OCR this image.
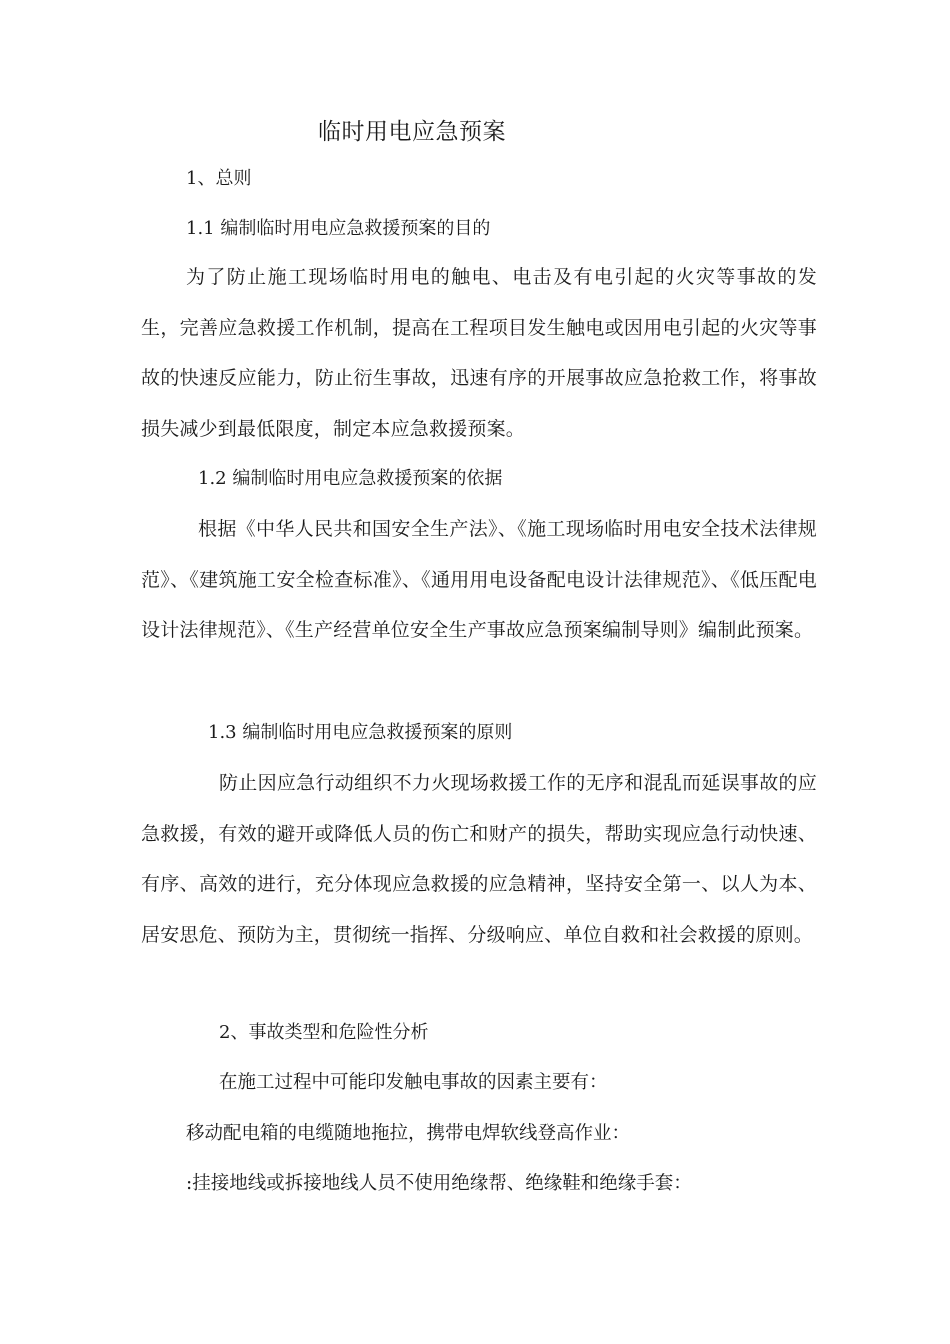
临时用电应急预案
1、总则
1.1 编制临时用电应急救援预案的目的

为了防止施工现场临时用电的触电、电击及有电引起的火灾等事故的发生，完善应急救援工作机制，提高在工程项目发生触电或因用电引起的火灾等事故的快速反应能力，防止衍生事故，迅速有序的开展事故应急抢救工作，将事故损失减少到最低限度，制定本应急救援预案。

1.2 编制临时用电应急救援预案的依据

根据《中华人民共和国安全生产法》、《施工现场临时用电安全技术法律规范》、《建筑施工安全检查标准》、《通用用电设备配电设计法律规范》、《低压配电设计法律规范》、《生产经营单位安全生产事故应急预案编制导则》编制此预案。

1.3 编制临时用电应急救援预案的原则

防止因应急行动组织不力火现场救援工作的无序和混乱而延误事故的应急救援，有效的避开或降低人员的伤亡和财产的损失，帮助实现应急行动快速、有序、高效的进行，充分体现应急救援的应急精神，坚持安全第一、以人为本、居安思危、预防为主，贯彻统一指挥、分级响应、单位自救和社会救援的原则。

2、事故类型和危险性分析
在施工过程中可能印发触电事故的因素主要有：
移动配电箱的电缆随地拖拉，携带电焊软线登高作业：
:挂接地线或拆接地线人员不使用绝缘帮、绝缘鞋和绝缘手套：
